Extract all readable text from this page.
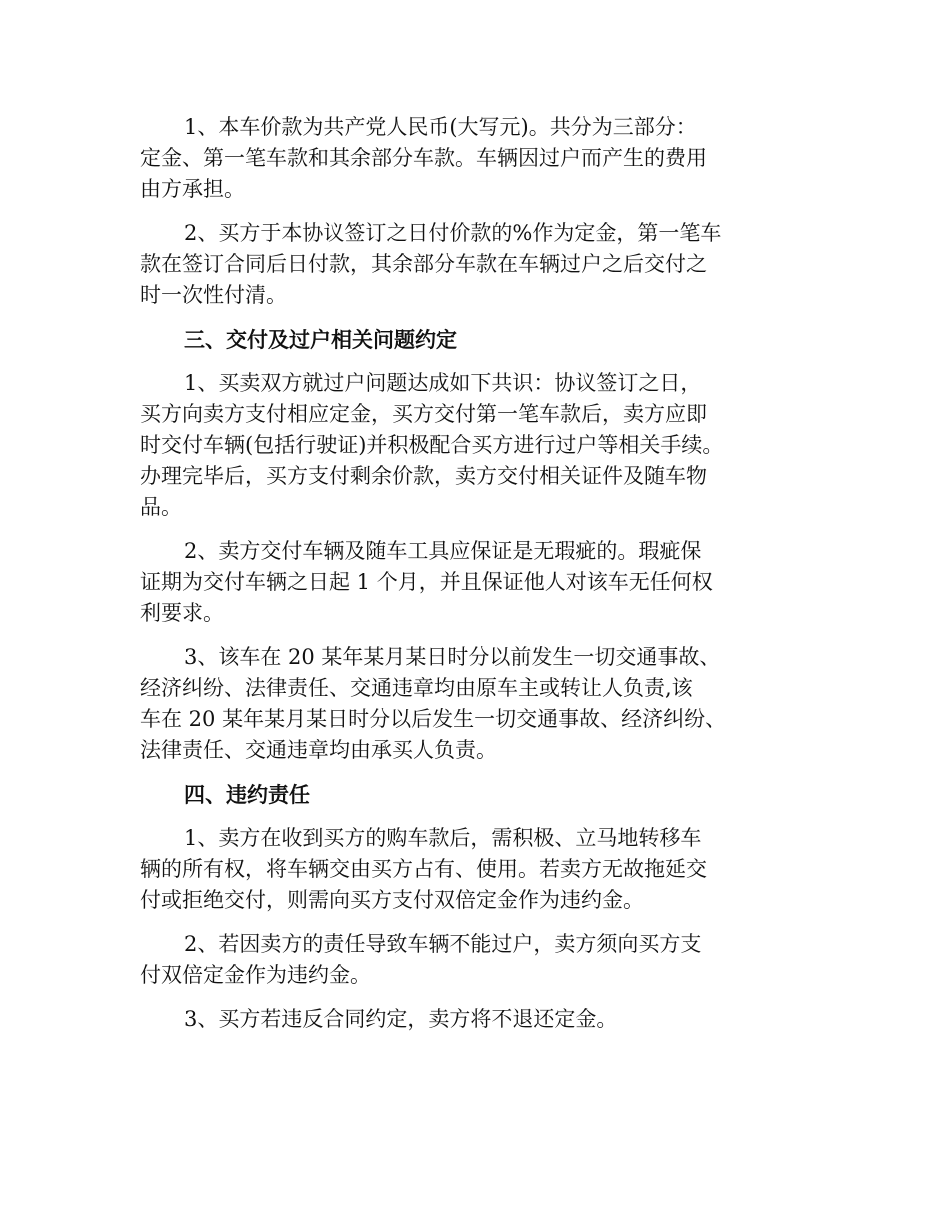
1、本车价款为共产党人民币(大写元)。共分为三部分：
定金、第一笔车款和其余部分车款。车辆因过户而产生的费用
由方承担。

2、买方于本协议签订之日付价款的%作为定金，第一笔车
款在签订合同后日付款，其余部分车款在车辆过户之后交付之
时一次性付清。

三、交付及过户相关问题约定

1、买卖双方就过户问题达成如下共识：协议签订之日，
买方向卖方支付相应定金，买方交付第一笔车款后，卖方应即
时交付车辆(包括行驶证)并积极配合买方进行过户等相关手续。
办理完毕后，买方支付剩余价款，卖方交付相关证件及随车物
品。

2、卖方交付车辆及随车工具应保证是无瑕疵的。瑕疵保
证期为交付车辆之日起 1 个月，并且保证他人对该车无任何权
利要求。

3、该车在 20 某年某月某日时分以前发生一切交通事故、
经济纠纷、法律责任、交通违章均由原车主或转让人负责,该
车在 20 某年某月某日时分以后发生一切交通事故、经济纠纷、
法律责任、交通违章均由承买人负责。

四、违约责任

1、卖方在收到买方的购车款后，需积极、立马地转移车
辆的所有权，将车辆交由买方占有、使用。若卖方无故拖延交
付或拒绝交付，则需向买方支付双倍定金作为违约金。

2、若因卖方的责任导致车辆不能过户，卖方须向买方支
付双倍定金作为违约金。

3、买方若违反合同约定，卖方将不退还定金。
